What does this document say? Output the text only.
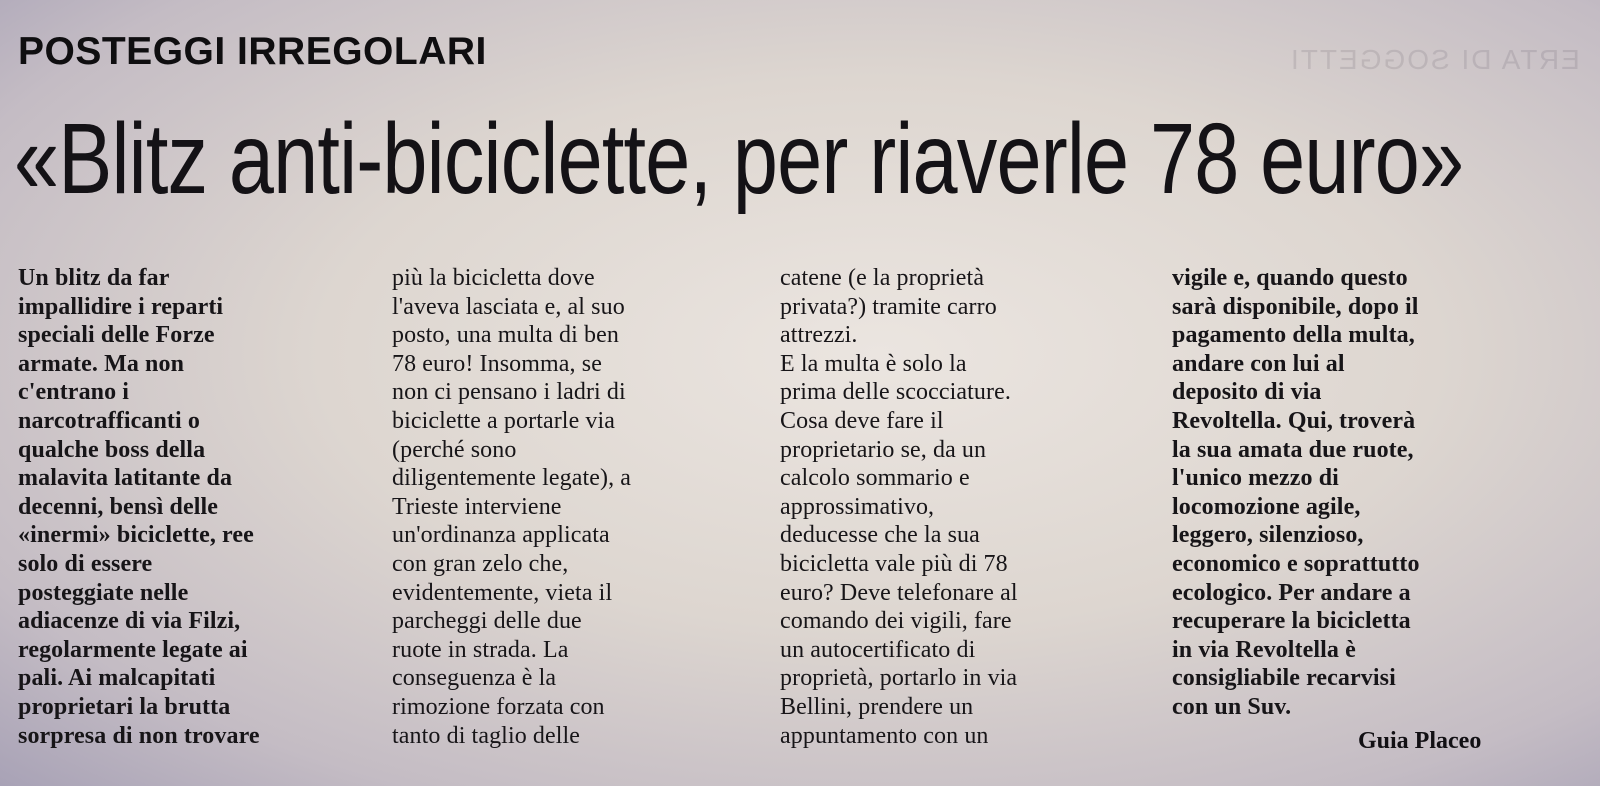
ERTA DI SOGGETTI
POSTEGGI IRREGOLARI
«Blitz anti-biciclette, per riaverle 78 euro»
Un blitz da far
impallidire i reparti
speciali delle Forze
armate. Ma non
c'entrano i
narcotrafficanti o
qualche boss della
malavita latitante da
decenni, bensì delle
«inermi» biciclette, ree
solo di essere
posteggiate nelle
adiacenze di via Filzi,
regolarmente legate ai
pali. Ai malcapitati
proprietari la brutta
sorpresa di non trovare
più la bicicletta dove
l'aveva lasciata e, al suo
posto, una multa di ben
78 euro! Insomma, se
non ci pensano i ladri di
biciclette a portarle via
(perché sono
diligentemente legate), a
Trieste interviene
un'ordinanza applicata
con gran zelo che,
evidentemente, vieta il
parcheggi delle due
ruote in strada. La
conseguenza è la
rimozione forzata con
tanto di taglio delle
catene (e la proprietà
privata?) tramite carro
attrezzi.
E la multa è solo la
prima delle scocciature.
Cosa deve fare il
proprietario se, da un
calcolo sommario e
approssimativo,
deducesse che la sua
bicicletta vale più di 78
euro? Deve telefonare al
comando dei vigili, fare
un autocertificato di
proprietà, portarlo in via
Bellini, prendere un
appuntamento con un
vigile e, quando questo
sarà disponibile, dopo il
pagamento della multa,
andare con lui al
deposito di via
Revoltella. Qui, troverà
la sua amata due ruote,
l'unico mezzo di
locomozione agile,
leggero, silenzioso,
economico e soprattutto
ecologico. Per andare a
recuperare la bicicletta
in via Revoltella è
consigliabile recarvisi
con un Suv.
Guia Placeo
